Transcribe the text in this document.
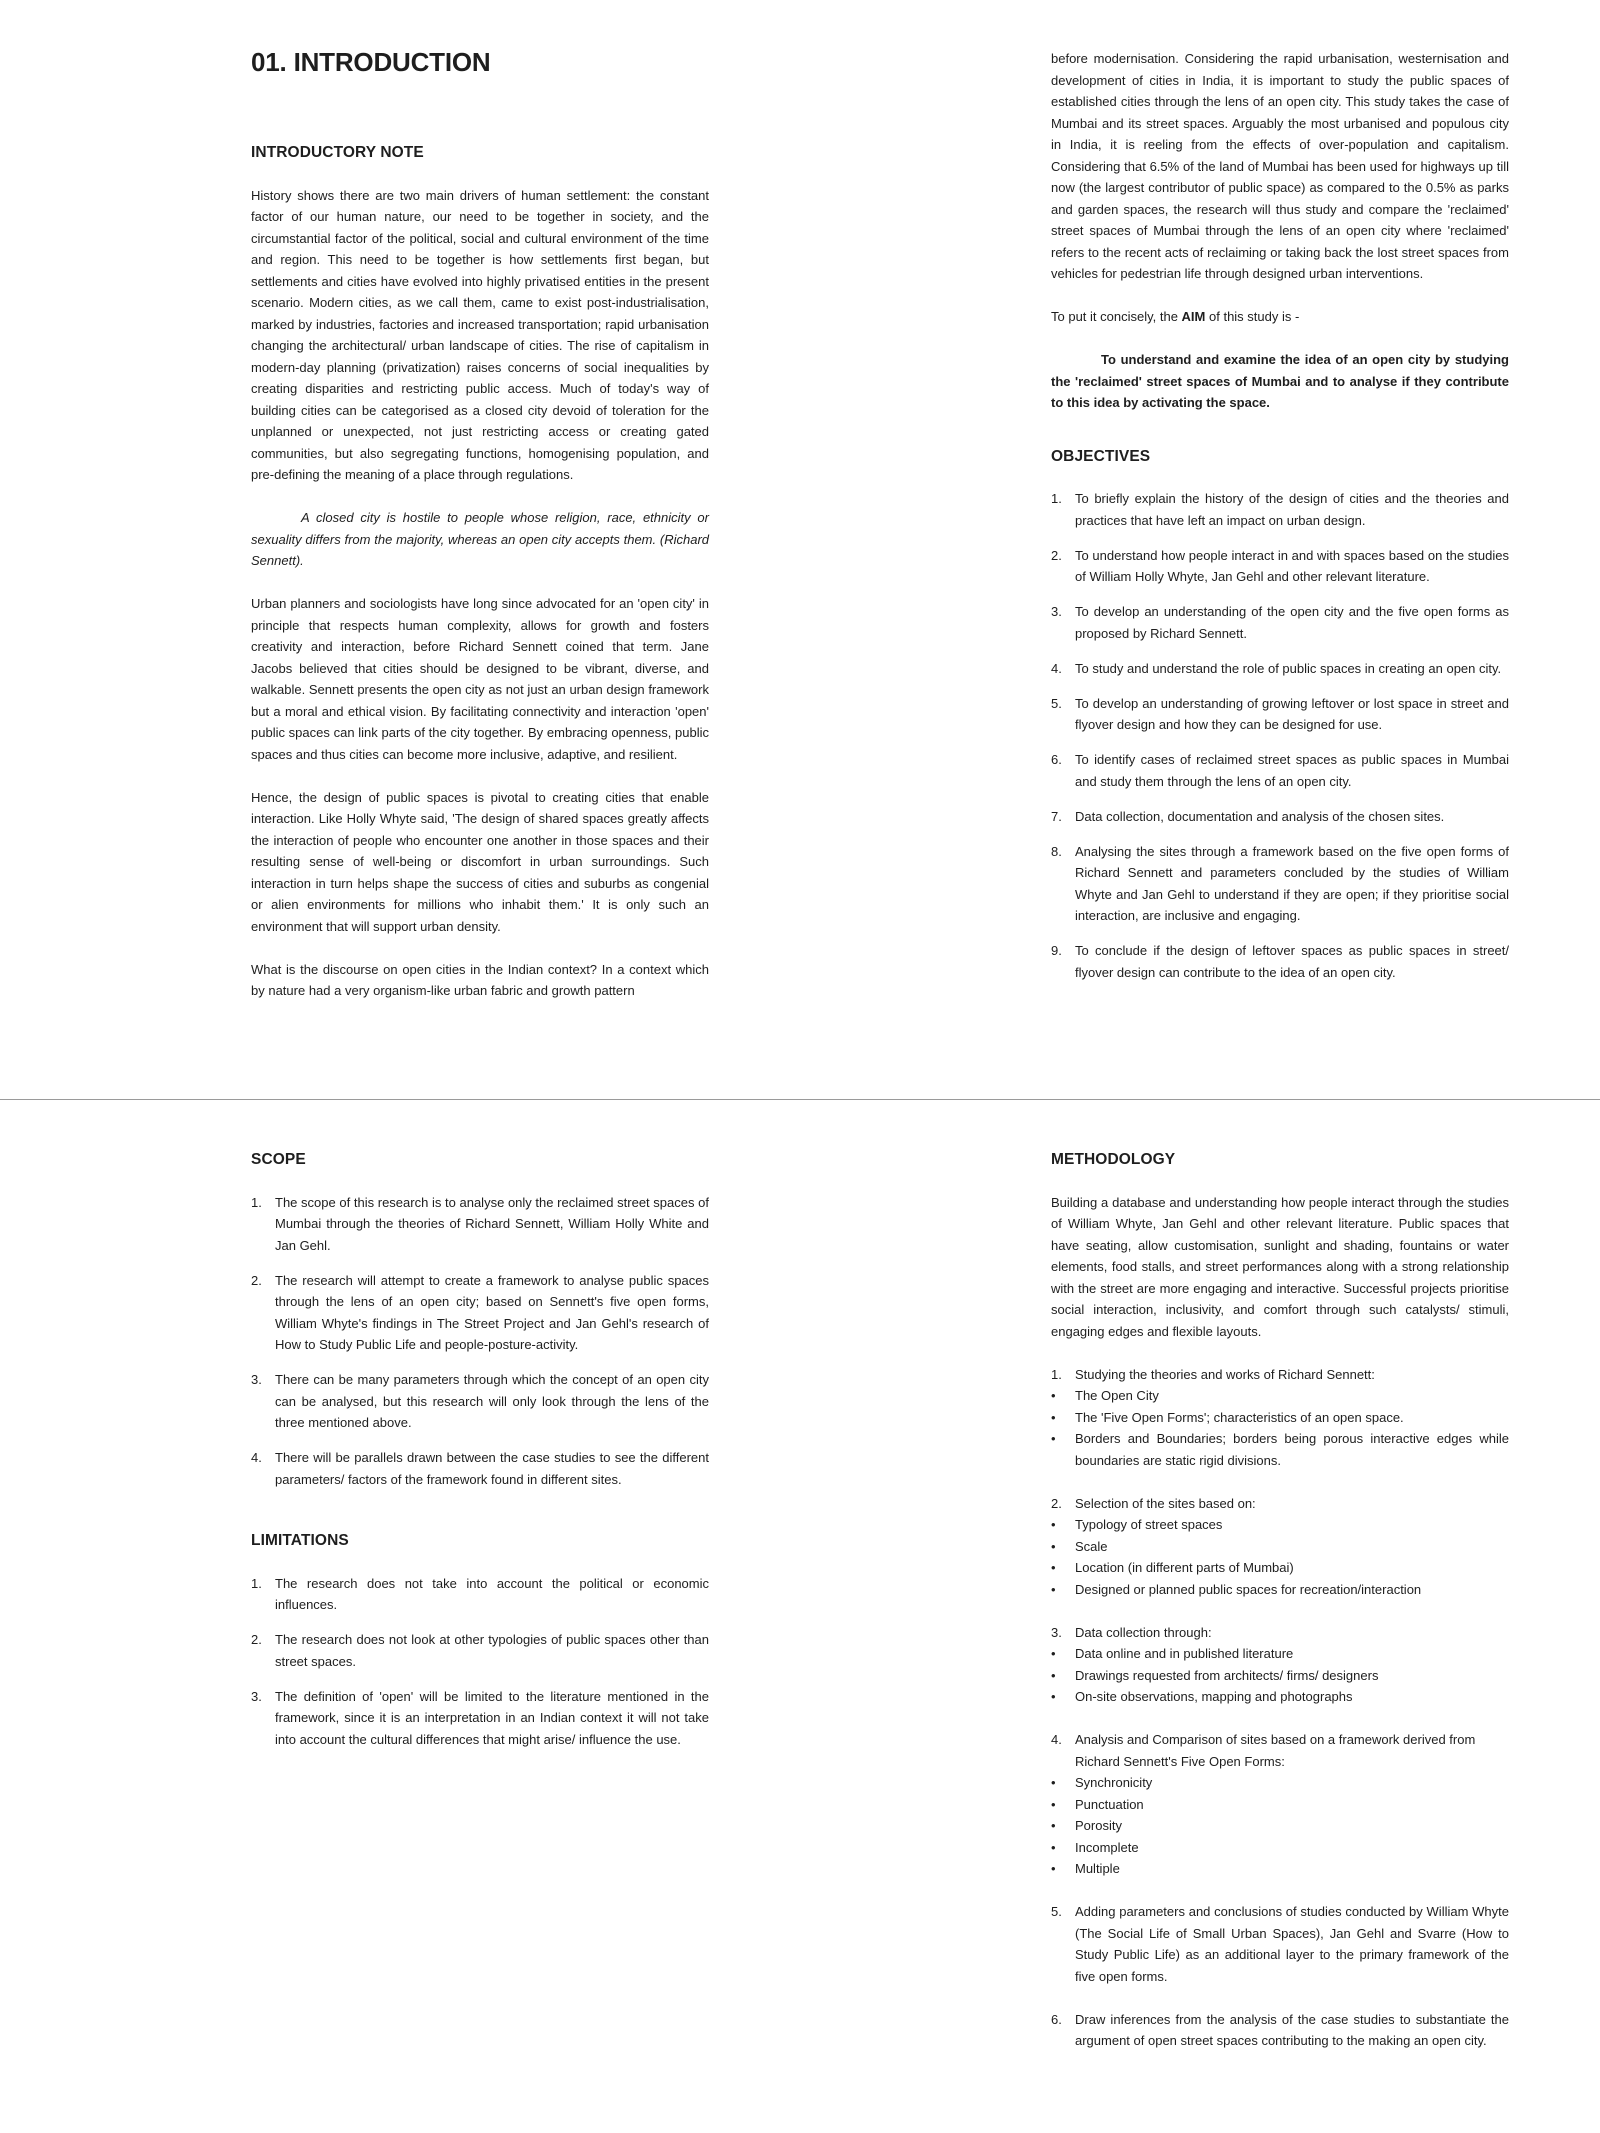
01. INTRODUCTION
INTRODUCTORY NOTE

History shows there are two main drivers of human settlement: the constant factor of our human nature, our need to be together in society, and the circumstantial factor of the political, social and cultural environment of the time and region. This need to be together is how settlements first began, but settlements and cities have evolved into highly privatised entities in the present scenario. Modern cities, as we call them, came to exist post-industrialisation, marked by industries, factories and increased transportation; rapid urbanisation changing the architectural/ urban landscape of cities. The rise of capitalism in modern-day planning (privatization) raises concerns of social inequalities by creating disparities and restricting public access. Much of today's way of building cities can be categorised as a closed city devoid of toleration for the unplanned or unexpected, not just restricting access or creating gated communities, but also segregating functions, homogenising population, and pre-defining the meaning of a place through regulations.

A closed city is hostile to people whose religion, race, ethnicity or sexuality differs from the majority, whereas an open city accepts them. (Richard Sennett).

Urban planners and sociologists have long since advocated for an 'open city' in principle that respects human complexity, allows for growth and fosters creativity and interaction, before Richard Sennett coined that term. Jane Jacobs believed that cities should be designed to be vibrant, diverse, and walkable. Sennett presents the open city as not just an urban design framework but a moral and ethical vision. By facilitating connectivity and interaction 'open' public spaces can link parts of the city together. By embracing openness, public spaces and thus cities can become more inclusive, adaptive, and resilient.

Hence, the design of public spaces is pivotal to creating cities that enable interaction. Like Holly Whyte said, 'The design of shared spaces greatly affects the interaction of people who encounter one another in those spaces and their resulting sense of well-being or discomfort in urban surroundings. Such interaction in turn helps shape the success of cities and suburbs as congenial or alien environments for millions who inhabit them.' It is only such an environment that will support urban density.

What is the discourse on open cities in the Indian context? In a context which by nature had a very organism-like urban fabric and growth pattern

before modernisation. Considering the rapid urbanisation, westernisation and development of cities in India, it is important to study the public spaces of established cities through the lens of an open city. This study takes the case of Mumbai and its street spaces. Arguably the most urbanised and populous city in India, it is reeling from the effects of over-population and capitalism. Considering that 6.5% of the land of Mumbai has been used for highways up till now (the largest contributor of public space) as compared to the 0.5% as parks and garden spaces, the research will thus study and compare the 'reclaimed' street spaces of Mumbai through the lens of an open city where 'reclaimed' refers to the recent acts of reclaiming or taking back the lost street spaces from vehicles for pedestrian life through designed urban interventions.

To put it concisely, the AIM of this study is -

To understand and examine the idea of an open city by studying the 'reclaimed' street spaces of Mumbai and to analyse if they contribute to this idea by activating the space.

OBJECTIVES
1. To briefly explain the history of the design of cities and the theories and practices that have left an impact on urban design.
2. To understand how people interact in and with spaces based on the studies of William Holly Whyte, Jan Gehl and other relevant literature.
3. To develop an understanding of the open city and the five open forms as proposed by Richard Sennett.
4. To study and understand the role of public spaces in creating an open city.
5. To develop an understanding of growing leftover or lost space in street and flyover design and how they can be designed for use.
6. To identify cases of reclaimed street spaces as public spaces in Mumbai and study them through the lens of an open city.
7. Data collection, documentation and analysis of the chosen sites.
8. Analysing the sites through a framework based on the five open forms of Richard Sennett and parameters concluded by the studies of William Whyte and Jan Gehl to understand if they are open; if they prioritise social interaction, are inclusive and engaging.
9. To conclude if the design of leftover spaces as public spaces in street/ flyover design can contribute to the idea of an open city.
SCOPE
1. The scope of this research is to analyse only the reclaimed street spaces of Mumbai through the theories of Richard Sennett, William Holly White and Jan Gehl.
2. The research will attempt to create a framework to analyse public spaces through the lens of an open city; based on Sennett's five open forms, William Whyte's findings in The Street Project and Jan Gehl's research of How to Study Public Life and people-posture-activity.
3. There can be many parameters through which the concept of an open city can be analysed, but this research will only look through the lens of the three mentioned above.
4. There will be parallels drawn between the case studies to see the different parameters/ factors of the framework found in different sites.
LIMITATIONS
1. The research does not take into account the political or economic influences.
2. The research does not look at other typologies of public spaces other than street spaces.
3. The definition of 'open' will be limited to the literature mentioned in the framework, since it is an interpretation in an Indian context it will not take into account the cultural differences that might arise/ influence the use.
METHODOLOGY

Building a database and understanding how people interact through the studies of William Whyte, Jan Gehl and other relevant literature. Public spaces that have seating, allow customisation, sunlight and shading, fountains or water elements, food stalls, and street performances along with a strong relationship with the street are more engaging and interactive. Successful projects prioritise social interaction, inclusivity, and comfort through such catalysts/ stimuli, engaging edges and flexible layouts.

1. Studying the theories and works of Richard Sennett:
• The Open City
• The 'Five Open Forms'; characteristics of an open space.
• Borders and Boundaries; borders being porous interactive edges while boundaries are static rigid divisions.
2. Selection of the sites based on:
• Typology of street spaces
• Scale
• Location (in different parts of Mumbai)
• Designed or planned public spaces for recreation/interaction
3. Data collection through:
• Data online and in published literature
• Drawings requested from architects/ firms/ designers
• On-site observations, mapping and photographs
4. Analysis and Comparison of sites based on a framework derived from Richard Sennett's Five Open Forms:
• Synchronicity
• Punctuation
• Porosity
• Incomplete
• Multiple
5. Adding parameters and conclusions of studies conducted by William Whyte (The Social Life of Small Urban Spaces), Jan Gehl and Svarre (How to Study Public Life) as an additional layer to the primary framework of the five open forms.
6. Draw inferences from the analysis of the case studies to substantiate the argument of open street spaces contributing to the making an open city.
